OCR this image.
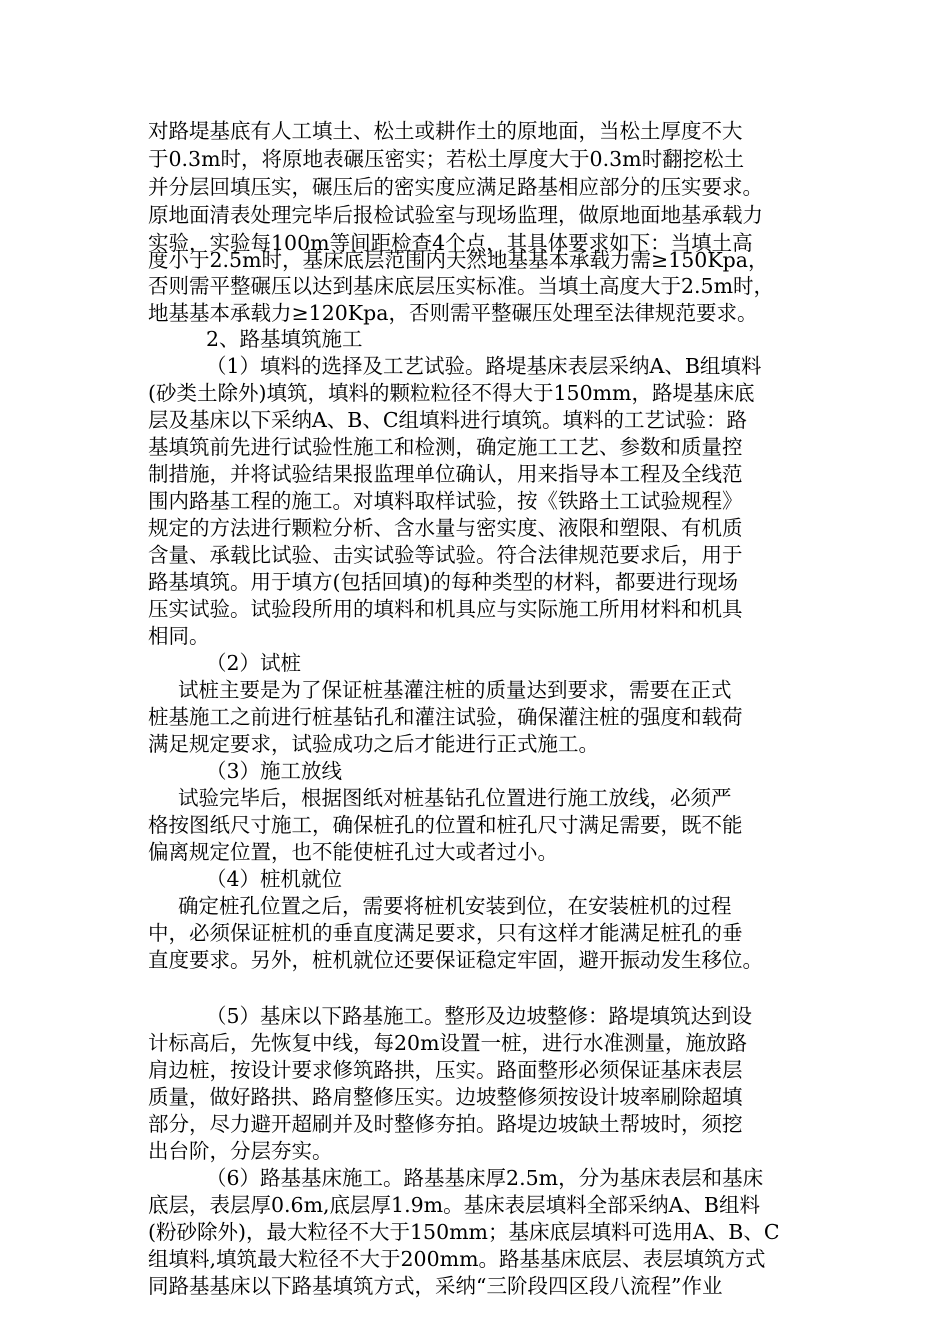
对路堤基底有人工填土、松土或耕作土的原地面，当松土厚度不大
于0.3m时，将原地表碾压密实；若松土厚度大于0.3m时翻挖松土
并分层回填压实，碾压后的密实度应满足路基相应部分的压实要求。
原地面清表处理完毕后报检试验室与现场监理，做原地面地基承载力
实验，实验每100m等间距检查4个点，其具体要求如下：当填土高
度小于2.5m时，基床底层范围内天然地基基本承载力需≥150Kpa，
否则需平整碾压以达到基床底层压实标准。当填土高度大于2.5m时，
地基基本承载力≥120Kpa，否则需平整碾压处理至法律规范要求。
2、路基填筑施工
（1）填料的选择及工艺试验。路堤基床表层采纳A、B组填料
(砂类土除外)填筑，填料的颗粒粒径不得大于150mm，路堤基床底
层及基床以下采纳A、B、C组填料进行填筑。填料的工艺试验：路
基填筑前先进行试验性施工和检测，确定施工工艺、参数和质量控
制措施，并将试验结果报监理单位确认，用来指导本工程及全线范
围内路基工程的施工。对填料取样试验，按《铁路土工试验规程》
规定的方法进行颗粒分析、含水量与密实度、液限和塑限、有机质
含量、承载比试验、击实试验等试验。符合法律规范要求后，用于
路基填筑。用于填方(包括回填)的每种类型的材料，都要进行现场
压实试验。试验段所用的填料和机具应与实际施工所用材料和机具
相同。
（2）试桩
试桩主要是为了保证桩基灌注桩的质量达到要求，需要在正式
桩基施工之前进行桩基钻孔和灌注试验，确保灌注桩的强度和载荷
满足规定要求，试验成功之后才能进行正式施工。
（3）施工放线
试验完毕后，根据图纸对桩基钻孔位置进行施工放线，必须严
格按图纸尺寸施工，确保桩孔的位置和桩孔尺寸满足需要，既不能
偏离规定位置，也不能使桩孔过大或者过小。
（4）桩机就位
确定桩孔位置之后，需要将桩机安装到位，在安装桩机的过程
中，必须保证桩机的垂直度满足要求，只有这样才能满足桩孔的垂
直度要求。另外，桩机就位还要保证稳定牢固，避开振动发生移位。
（5）基床以下路基施工。整形及边坡整修：路堤填筑达到设
计标高后，先恢复中线，每20m设置一桩，进行水准测量，施放路
肩边桩，按设计要求修筑路拱，压实。路面整形必须保证基床表层
质量，做好路拱、路肩整修压实。边坡整修须按设计坡率刷除超填
部分，尽力避开超刷并及时整修夯拍。路堤边坡缺土帮坡时，须挖
出台阶，分层夯实。
（6）路基基床施工。路基基床厚2.5m，分为基床表层和基床
底层，表层厚0.6m,底层厚1.9m。基床表层填料全部采纳A、B组料
(粉砂除外)，最大粒径不大于150mm；基床底层填料可选用A、B、C
组填料,填筑最大粒径不大于200mm。路基基床底层、表层填筑方式
同路基基床以下路基填筑方式，采纳“三阶段四区段八流程”作业
